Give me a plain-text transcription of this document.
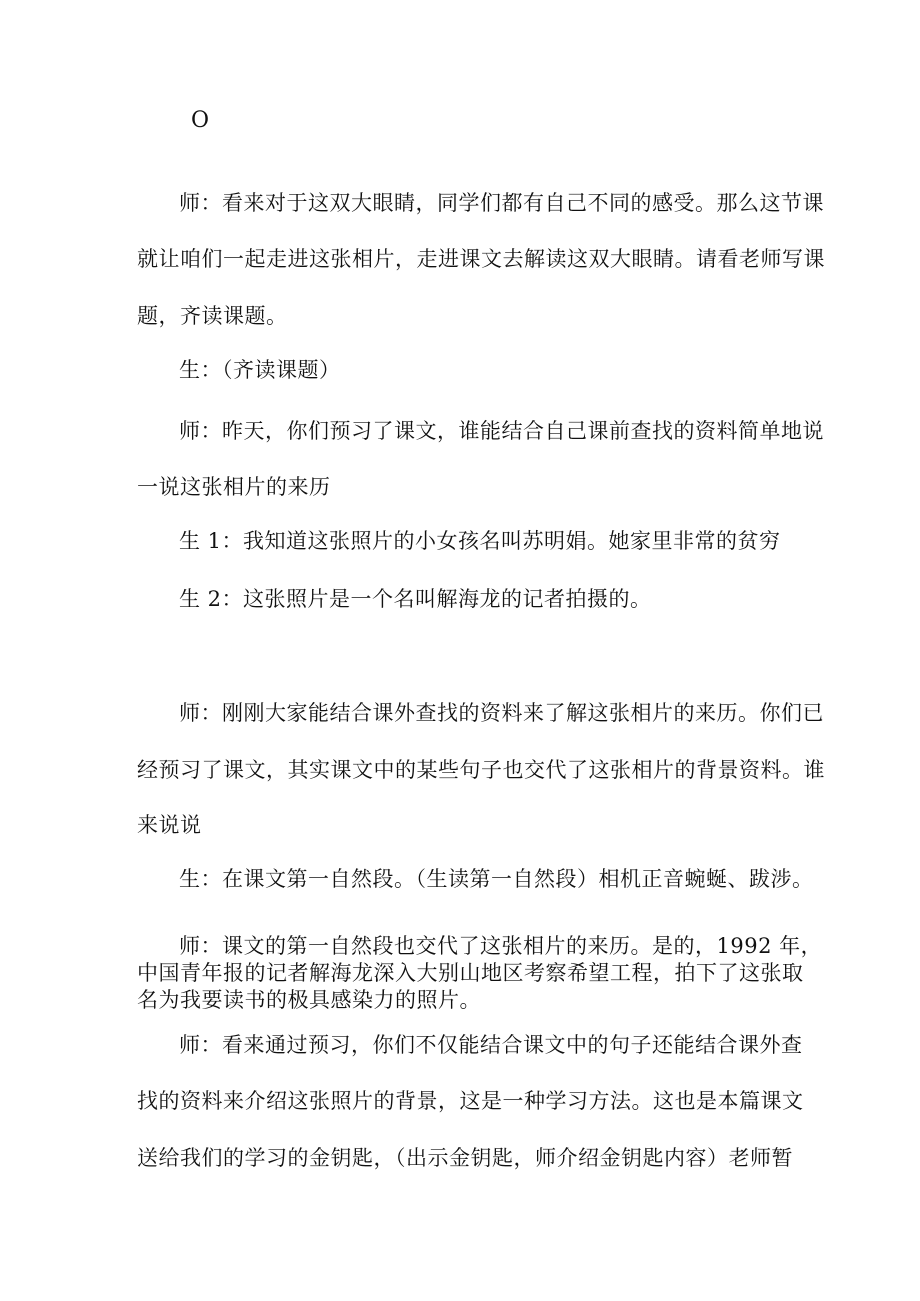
O
师：看来对于这双大眼睛，同学们都有自己不同的感受。那么这节课
就让咱们一起走进这张相片，走进课文去解读这双大眼睛。请看老师写课
题，齐读课题。
生：（齐读课题）
师：昨天，你们预习了课文，谁能结合自己课前查找的资料简单地说
一说这张相片的来历
生 1：我知道这张照片的小女孩名叫苏明娟。她家里非常的贫穷
生 2：这张照片是一个名叫解海龙的记者拍摄的。
师：刚刚大家能结合课外查找的资料来了解这张相片的来历。你们已
经预习了课文，其实课文中的某些句子也交代了这张相片的背景资料。谁
来说说
生：在课文第一自然段。（生读第一自然段）相机正音蜿蜒、跋涉。
师：课文的第一自然段也交代了这张相片的来历。是的，1992 年，
中国青年报的记者解海龙深入大别山地区考察希望工程，拍下了这张取
名为我要读书的极具感染力的照片。
师：看来通过预习，你们不仅能结合课文中的句子还能结合课外查
找的资料来介绍这张照片的背景，这是一种学习方法。这也是本篇课文
送给我们的学习的金钥匙，（出示金钥匙，师介绍金钥匙内容）老师暂
